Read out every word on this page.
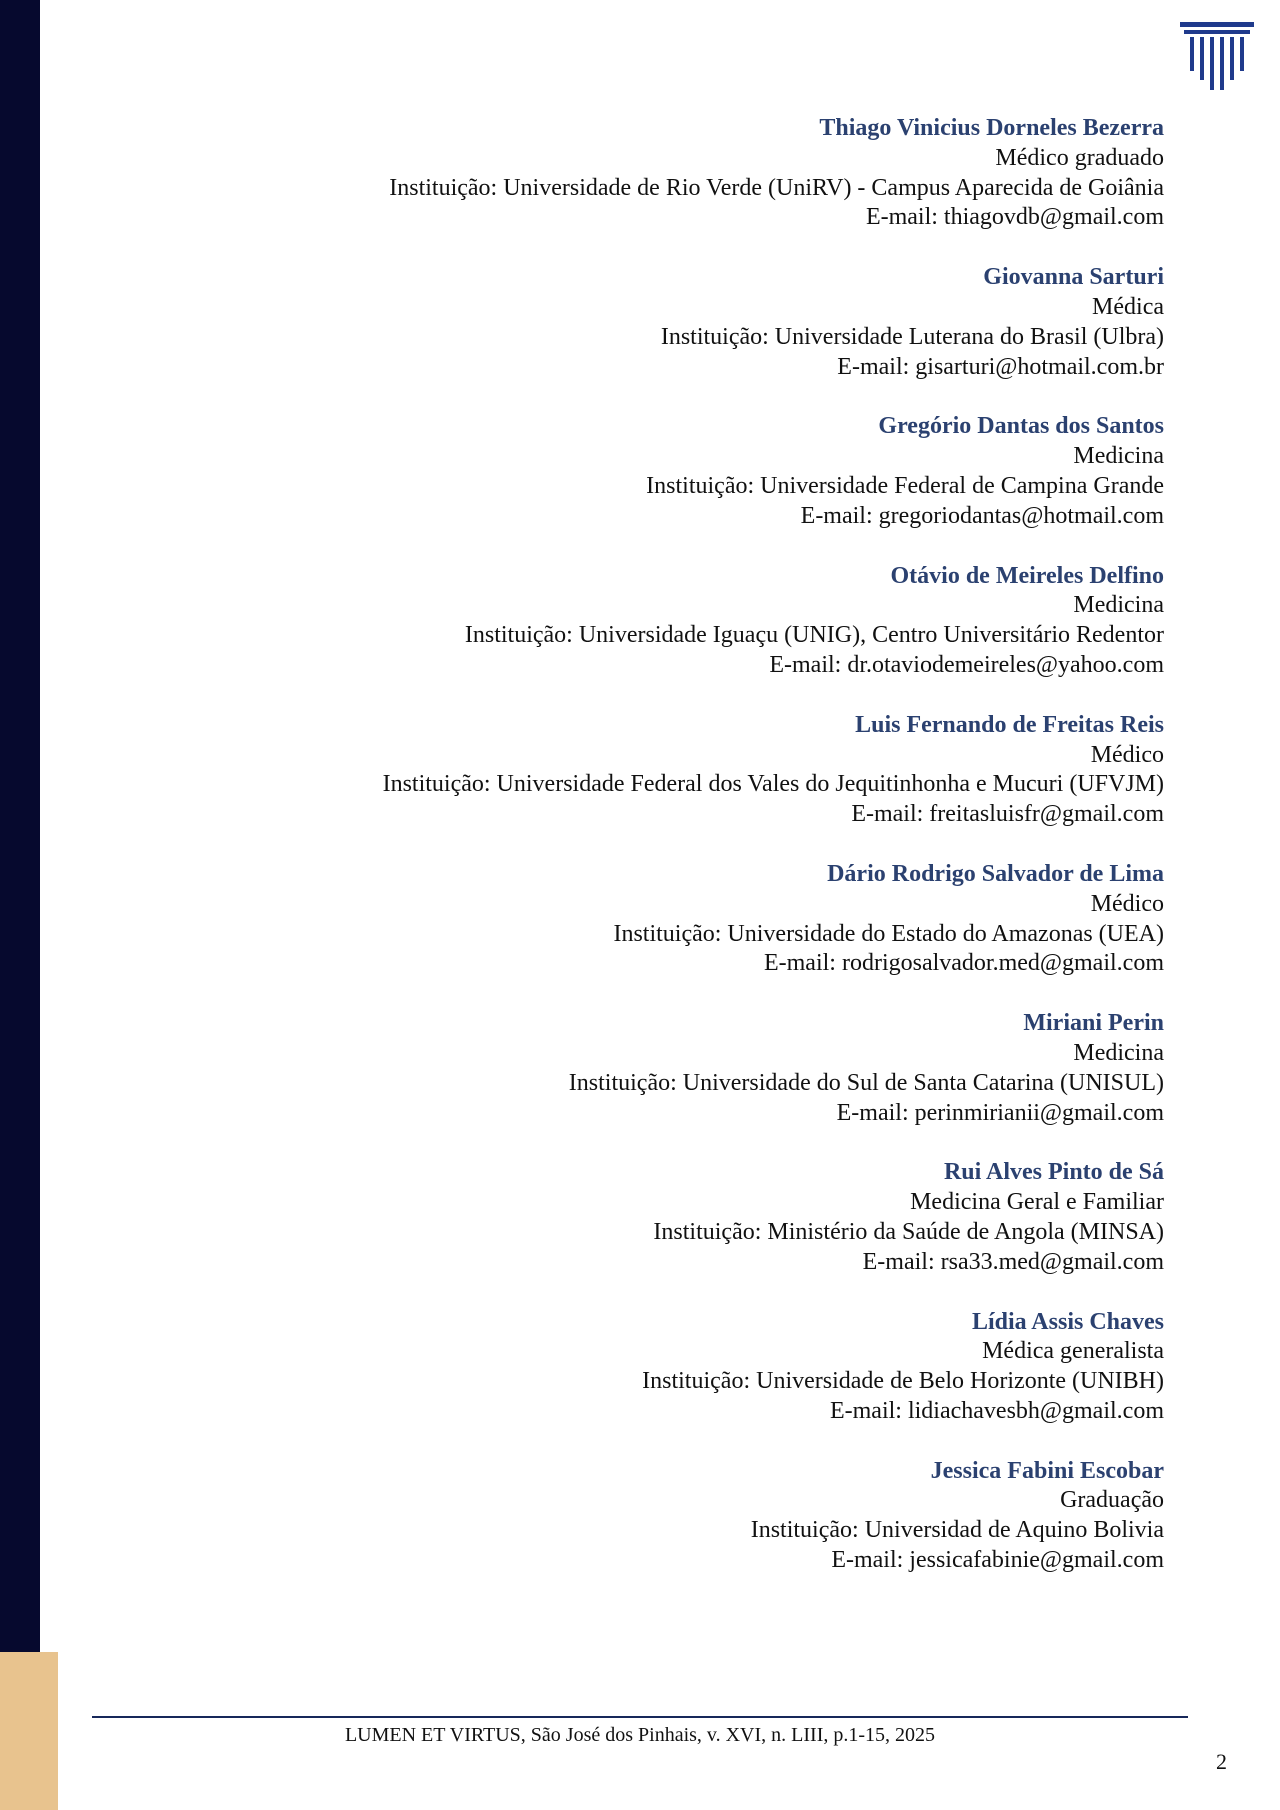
Thiago Vinicius Dorneles Bezerra
Médico graduado
Instituição: Universidade de Rio Verde (UniRV) - Campus Aparecida de Goiânia
E-mail: thiagovdb@gmail.com
Giovanna Sarturi
Médica
Instituição: Universidade Luterana do Brasil (Ulbra)
E-mail: gisarturi@hotmail.com.br
Gregório Dantas dos Santos
Medicina
Instituição: Universidade Federal de Campina Grande
E-mail: gregoriodantas@hotmail.com
Otávio de Meireles Delfino
Medicina
Instituição: Universidade Iguaçu (UNIG), Centro Universitário Redentor
E-mail: dr.otaviodemeireles@yahoo.com
Luis Fernando de Freitas Reis
Médico
Instituição: Universidade Federal dos Vales do Jequitinhonha e Mucuri (UFVJM)
E-mail: freitasluisfr@gmail.com
Dário Rodrigo Salvador de Lima
Médico
Instituição: Universidade do Estado do Amazonas (UEA)
E-mail: rodrigosalvador.med@gmail.com
Miriani Perin
Medicina
Instituição: Universidade do Sul de Santa Catarina (UNISUL)
E-mail: perinmirianii@gmail.com
Rui Alves Pinto de Sá
Medicina Geral e Familiar
Instituição: Ministério da Saúde de Angola (MINSA)
E-mail: rsa33.med@gmail.com
Lídia Assis Chaves
Médica generalista
Instituição: Universidade de Belo Horizonte (UNIBH)
E-mail: lidiachavesbh@gmail.com
Jessica Fabini Escobar
Graduação
Instituição: Universidad de Aquino Bolivia
E-mail: jessicafabinie@gmail.com
LUMEN ET VIRTUS, São José dos Pinhais, v. XVI, n. LIII, p.1-15, 2025
2
